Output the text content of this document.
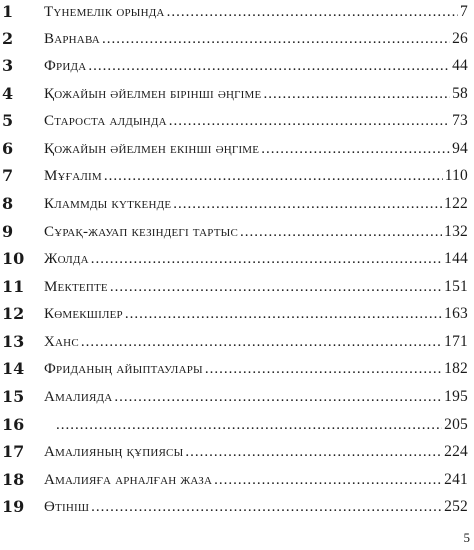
1	Түнемелік орында .....	7
2	Варнава .....	26
3	Фрида .....	44
4	Қожайын әйелмен бірінші әңгіме .....	58
5	Староста алдында .....	73
6	Қожайын әйелмен екінші әңгіме .....	94
7	Мұғалім .....	110
8	Кламмды күткенде .....	122
9	Сұрақ-жауап кезіндегі тартыс .....	132
10	Жолда .....	144
11	Мектепте .....	151
12	Көмекшілер .....	163
13	Ханс .....	171
14	Фриданың айыптаулары .....	182
15	Амалияда .....	195
16 .....	205
17	Амалияның құпиясы .....	224
18	Амалияға арналған жаза .....	241
19	Өтініш .....	252
5
